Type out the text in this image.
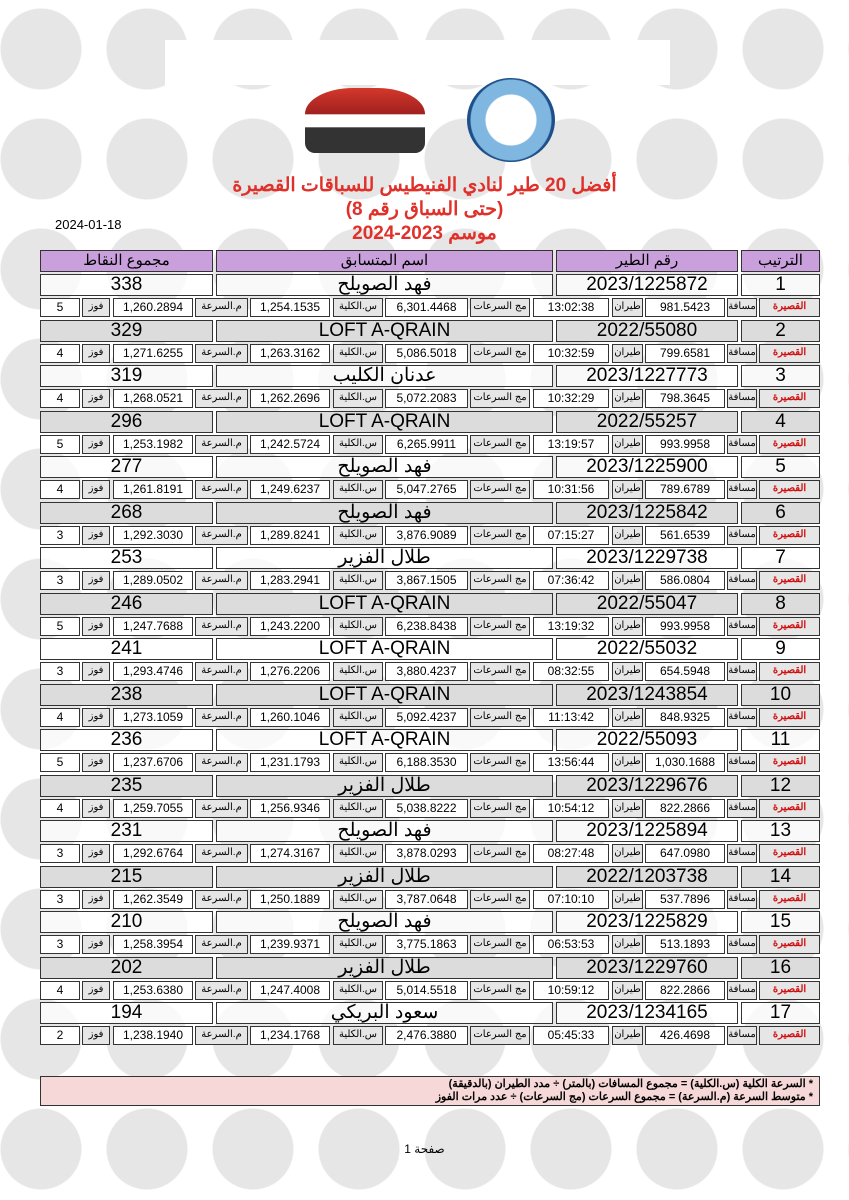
أفضل 20 طير لنادي الفنيطيس للسباقات القصيرة
(حتى السباق رقم 8)
موسم 2023-2024
2024-01-18
مجموع النقاط	اسم المتسابق	رقم الطير	الترتيب
338	فهد الصويلح	2023/1225872	1
5	فوز	1,260.2894	م.السرعة	1,254.1535	س.الكلية	6,301.4468	مج السرعات	13:02:38	طيران	981.5423	مسافة	القصيرة
329	LOFT A-QRAIN	2022/55080	2
4	فوز	1,271.6255	م.السرعة	1,263.3162	س.الكلية	5,086.5018	مج السرعات	10:32:59	طيران	799.6581	مسافة	القصيرة
319	عدنان الكليب	2023/1227773	3
4	فوز	1,268.0521	م.السرعة	1,262.2696	س.الكلية	5,072.2083	مج السرعات	10:32:29	طيران	798.3645	مسافة	القصيرة
296	LOFT A-QRAIN	2022/55257	4
5	فوز	1,253.1982	م.السرعة	1,242.5724	س.الكلية	6,265.9911	مج السرعات	13:19:57	طيران	993.9958	مسافة	القصيرة
277	فهد الصويلح	2023/1225900	5
4	فوز	1,261.8191	م.السرعة	1,249.6237	س.الكلية	5,047.2765	مج السرعات	10:31:56	طيران	789.6789	مسافة	القصيرة
268	فهد الصويلح	2023/1225842	6
3	فوز	1,292.3030	م.السرعة	1,289.8241	س.الكلية	3,876.9089	مج السرعات	07:15:27	طيران	561.6539	مسافة	القصيرة
253	طلال الفزير	2023/1229738	7
3	فوز	1,289.0502	م.السرعة	1,283.2941	س.الكلية	3,867.1505	مج السرعات	07:36:42	طيران	586.0804	مسافة	القصيرة
246	LOFT A-QRAIN	2022/55047	8
5	فوز	1,247.7688	م.السرعة	1,243.2200	س.الكلية	6,238.8438	مج السرعات	13:19:32	طيران	993.9958	مسافة	القصيرة
241	LOFT A-QRAIN	2022/55032	9
3	فوز	1,293.4746	م.السرعة	1,276.2206	س.الكلية	3,880.4237	مج السرعات	08:32:55	طيران	654.5948	مسافة	القصيرة
238	LOFT A-QRAIN	2023/1243854	10
4	فوز	1,273.1059	م.السرعة	1,260.1046	س.الكلية	5,092.4237	مج السرعات	11:13:42	طيران	848.9325	مسافة	القصيرة
236	LOFT A-QRAIN	2022/55093	11
5	فوز	1,237.6706	م.السرعة	1,231.1793	س.الكلية	6,188.3530	مج السرعات	13:56:44	طيران	1,030.1688	مسافة	القصيرة
235	طلال الفزير	2023/1229676	12
4	فوز	1,259.7055	م.السرعة	1,256.9346	س.الكلية	5,038.8222	مج السرعات	10:54:12	طيران	822.2866	مسافة	القصيرة
231	فهد الصويلح	2023/1225894	13
3	فوز	1,292.6764	م.السرعة	1,274.3167	س.الكلية	3,878.0293	مج السرعات	08:27:48	طيران	647.0980	مسافة	القصيرة
215	طلال الفزير	2022/1203738	14
3	فوز	1,262.3549	م.السرعة	1,250.1889	س.الكلية	3,787.0648	مج السرعات	07:10:10	طيران	537.7896	مسافة	القصيرة
210	فهد الصويلح	2023/1225829	15
3	فوز	1,258.3954	م.السرعة	1,239.9371	س.الكلية	3,775.1863	مج السرعات	06:53:53	طيران	513.1893	مسافة	القصيرة
202	طلال الفزير	2023/1229760	16
4	فوز	1,253.6380	م.السرعة	1,247.4008	س.الكلية	5,014.5518	مج السرعات	10:59:12	طيران	822.2866	مسافة	القصيرة
194	سعود البريكي	2023/1234165	17
2	فوز	1,238.1940	م.السرعة	1,234.1768	س.الكلية	2,476.3880	مج السرعات	05:45:33	طيران	426.4698	مسافة	القصيرة
* السرعة الكلية (س.الكلية) = مجموع المسافات (بالمتر) ÷ مدد الطيران (بالدقيقة)
* متوسط السرعة (م.السرعة) = مجموع السرعات (مج السرعات) ÷ عدد مرات الفوز
صفحة 1
